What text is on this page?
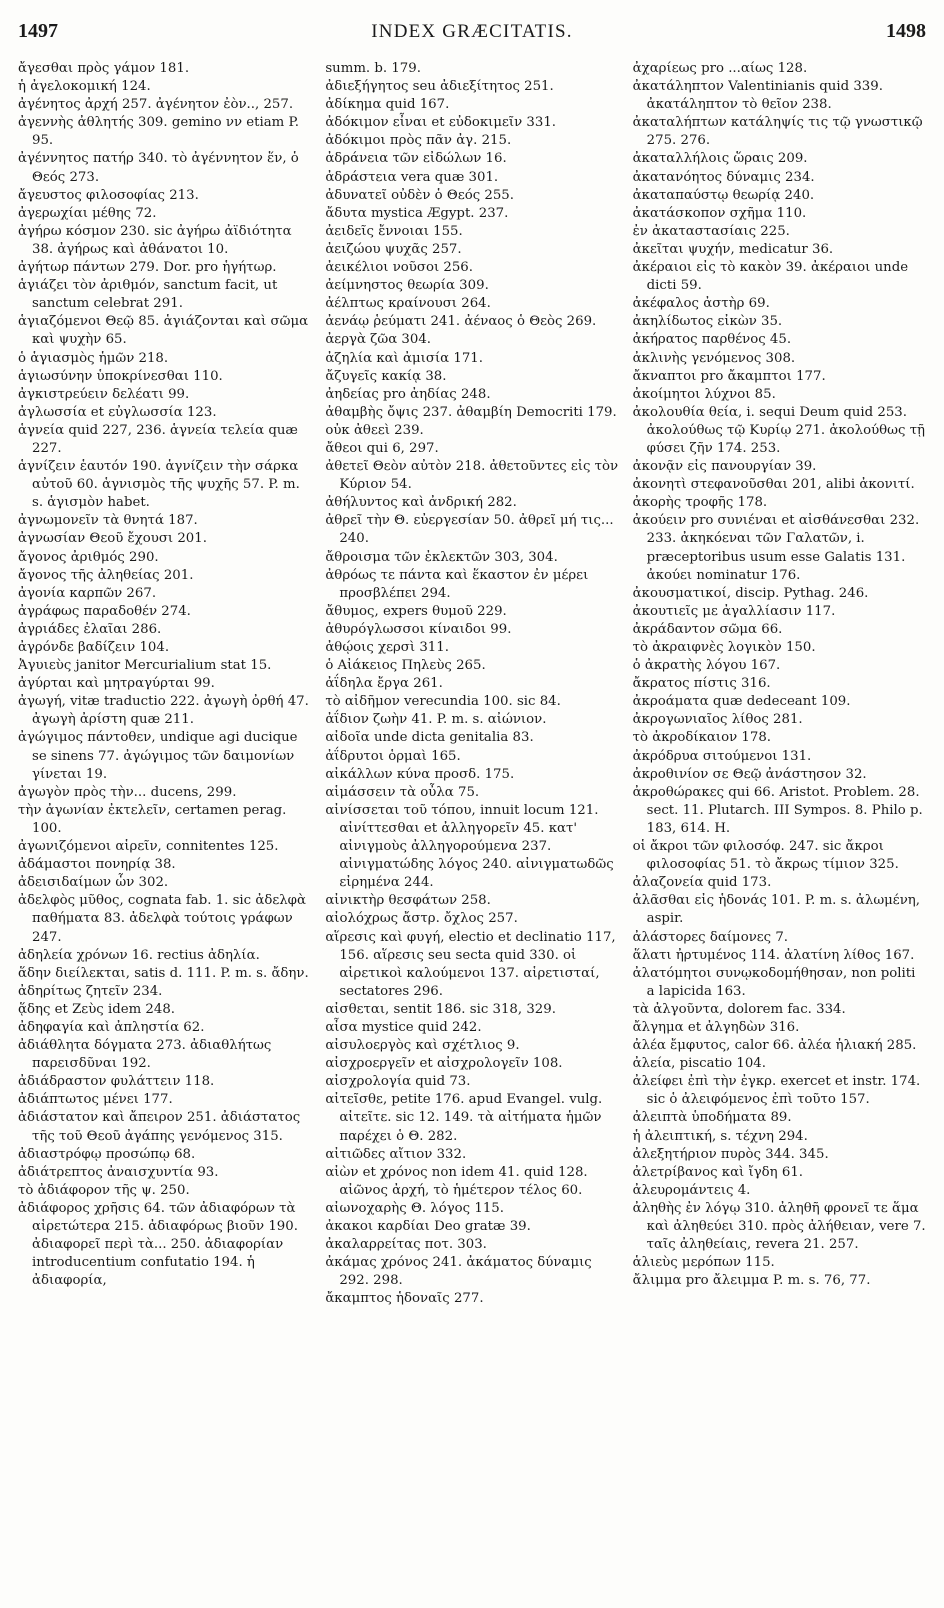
1497	INDEX GRÆCITATIS.	1498
ἄγεσθαι πρὸς γάμον 181.
ἡ ἀγελοκομική 124.
ἀγένητος ἀρχή 257. ἀγένητον ἐὸν.., 257.
ἀγεννὴς ἀθλητής 309. gemino νν etiam P. 95.
ἀγέννητος πατήρ 340. τὸ ἀγέννητον ἕν, ὁ Θεός 273.
ἄγευστος φιλοσοφίας 213.
ἀγερωχίαι μέθης 72.
ἀγήρω κόσμον 230. sic ἀγήρω ἀϊδιότητα 38. ἀγήρως καὶ ἀθάνατοι 10.
ἀγήτωρ πάντων 279. Dor. pro ἡγήτωρ.
ἁγιάζει τὸν ἀριθμόν, sanctum facit, ut sanctum celebrat 291.
ἁγιαζόμενοι Θεῷ 85. ἁγιάζονται καὶ σῶμα καὶ ψυχὴν 65.
ὁ ἁγιασμὸς ἡμῶν 218.
ἁγιωσύνην ὑποκρίνεσθαι 110.
ἀγκιστρεύειν δελέατι 99.
ἀγλωσσία et εὐγλωσσία 123.
ἁγνεία quid 227, 236. ἁγνεία τελεία quæ 227.
ἁγνίζειν ἑαυτόν 190. ἁγνίζειν τὴν σάρκα αὐτοῦ 60. ἁγνισμὸς τῆς ψυχῆς 57. P. m. s. ἁγισμὸν habet.
ἀγνωμονεῖν τὰ θνητά 187.
ἀγνωσίαν Θεοῦ ἔχουσι 201.
ἄγονος ἀριθμός 290.
ἄγονος τῆς ἀληθείας 201.
ἀγονία καρπῶν 267.
ἀγράφως παραδοθέν 274.
ἀγριάδες ἐλαῖαι 286.
ἀγρόνδε βαδίζειν 104.
Ἀγυιεὺς janitor Mercurialium stat 15.
ἀγύρται καὶ μητραγύρται 99.
ἀγωγή, vitæ traductio 222. ἀγωγὴ ὀρθή 47. ἀγωγὴ ἀρίστη quæ 211.
ἀγώγιμος πάντοθεν, undique agi ducique se sinens 77. ἀγώγιμος τῶν δαιμονίων γίνεται 19.
ἀγωγὸν πρὸς τὴν... ducens, 299.
τὴν ἀγωνίαν ἐκτελεῖν, certamen perag. 100.
ἀγωνιζόμενοι αἱρεῖν, connitentes 125.
ἀδάμαστοι πονηρίᾳ 38.
ἀδεισιδαίμων ὧν 302.
ἀδελφὸς μῦθος, cognata fab. 1. sic ἀδελφὰ παθήματα 83. ἀδελφὰ τούτοις γράφων 247.
ἀδηλεία χρόνων 16. rectius ἀδηλία.
ἅδην διείλεκται, satis d. 111. P. m. s. ἄδην.
ἀδηρίτως ζητεῖν 234.
ᾅδης et Ζεὺς idem 248.
ἀδηφαγία καὶ ἀπληστία 62.
ἀδιάθλητα δόγματα 273. ἀδιαθλήτως παρεισδῦναι 192.
ἀδιάδραστον φυλάττειν 118.
ἀδιάπτωτος μένει 177.
ἀδιάστατον καὶ ἄπειρον 251. ἀδιάστατος τῆς τοῦ Θεοῦ ἀγάπης γενόμενος 315.
ἀδιαστρόφῳ προσώπῳ 68.
ἀδιάτρεπτος ἀναισχυντία 93.
τὸ ἀδιάφορον τῆς ψ. 250.
ἀδιάφορος χρῆσις 64. τῶν ἀδιαφόρων τὰ αἱρετώτερα 215. ἀδιαφόρως βιοῦν 190. ἀδιαφορεῖ περὶ τὰ... 250. ἀδιαφορίαν introducentium confutatio 194. ἡ ἀδιαφορία,
summ. b. 179.
ἀδιεξήγητος seu ἀδιεξίτητος 251.
ἀδίκημα quid 167.
ἀδόκιμον εἶναι et εὐδοκιμεῖν 331.
ἀδόκιμοι πρὸς πᾶν ἀγ. 215.
ἀδράνεια τῶν εἰδώλων 16.
ἀδράστεια vera quæ 301.
ἀδυνατεῖ οὐδὲν ὁ Θεός 255.
ἄδυτα mystica Ægypt. 237.
ἀειδεῖς ἔννοιαι 155.
ἀειζώου ψυχᾶς 257.
ἀεικέλιοι νοῦσοι 256.
ἀείμνηστος θεωρία 309.
ἀέλπτως κραίνουσι 264.
ἀενάῳ ῥεύματι 241. ἀέναος ὁ Θεὸς 269.
ἀεργὰ ζῶα 304.
ἀζηλία καὶ ἀμισία 171.
ἄζυγεῖς κακίᾳ 38.
ἀηδείας pro ἀηδίας 248.
ἀθαμβὴς ὄψις 237. ἀθαμβίη Democriti 179.
οὐκ ἀθεεὶ 239.
ἄθεοι qui 6, 297.
ἀθετεῖ Θεὸν αὐτὸν 218. ἀθετοῦντες εἰς τὸν Κύριον 54.
ἀθήλυντος καὶ ἀνδρική 282.
ἀθρεῖ τὴν Θ. εὐεργεσίαν 50. ἀθρεῖ μή τις... 240.
ἄθροισμα τῶν ἐκλεκτῶν 303, 304.
ἀθρόως τε πάντα καὶ ἕκαστον ἐν μέρει προσβλέπει 294.
ἄθυμος, expers θυμοῦ 229.
ἀθυρόγλωσσοι κίναιδοι 99.
ἀθῴοις χερσὶ 311.
ὁ Αἰάκειος Πηλεὺς 265.
ἀΐδηλα ἔργα 261.
τὸ αἰδῆμον verecundia 100. sic 84.
ἀΐδιον ζωὴν 41. P. m. s. αἰώνιον.
αἰδοῖα unde dicta genitalia 83.
ἀΐδρυτοι ὁρμαὶ 165.
αἰκάλλων κύνα προσδ. 175.
αἱμάσσειν τὰ οὖλα 75.
αἰνίσσεται τοῦ τόπου, innuit locum 121. αἰνίττεσθαι et ἀλληγορεῖν 45. κατ' αἰνιγμοὺς ἀλληγορούμενα 237. αἰνιγματώδης λόγος 240. αἰνιγματωδῶς εἰρημένα 244.
αἰνικτὴρ θεσφάτων 258.
αἰολόχρως ἄστρ. ὄχλος 257.
αἵρεσις καὶ φυγή, electio et declinatio 117, 156. αἵρεσις seu secta quid 330. οἱ αἱρετικοὶ καλούμενοι 137. αἱρετισταί, sectatores 296.
αἰσθεται, sentit 186. sic 318, 329.
αἶσα mystice quid 242.
αἰσυλοεργὸς καὶ σχέτλιος 9.
αἰσχροεργεῖν et αἰσχρολογεῖν 108.
αἰσχρολογία quid 73.
αἰτεῖσθε, petite 176. apud Evangel. vulg. αἰτεῖτε. sic 12. 149. τὰ αἰτήματα ἡμῶν παρέχει ὁ Θ. 282.
αἰτιῶδες αἴτιον 332.
αἰὼν et χρόνος non idem 41. quid 128. αἰῶνος ἀρχή, τὸ ἡμέτερον τέλος 60.
αἰωνοχαρὴς Θ. λόγος 115.
ἀκακοι καρδίαι Deo gratæ 39.
ἀκαλαρρείτας ποτ. 303.
ἀκάμας χρόνος 241. ἀκάματος δύναμις 292. 298.
ἄκαμπτος ἡδοναῖς 277.
ἀχαρίεως pro ...αίως 128.
ἀκατάληπτον Valentinianis quid 339. ἀκατάληπτον τὸ θεῖον 238.
ἀκαταλήπτων κατάληψίς τις τῷ γνωστικῷ 275. 276.
ἀκαταλλήλοις ὥραις 209.
ἀκατανόητος δύναμις 234.
ἀκαταπαύστῳ θεωρίᾳ 240.
ἀκατάσκοπον σχῆμα 110.
ἐν ἀκαταστασίαις 225.
ἀκεῖται ψυχήν, medicatur 36.
ἀκέραιοι εἰς τὸ κακὸν 39. ἀκέραιοι unde dicti 59.
ἀκέφαλος ἀστὴρ 69.
ἀκηλίδωτος εἰκὼν 35.
ἀκήρατος παρθένος 45.
ἀκλινὴς γενόμενος 308.
ἄκναπτοι pro ἄκαμπτοι 177.
ἀκοίμητοι λύχνοι 85.
ἀκολουθία θεία, i. sequi Deum quid 253. ἀκολούθως τῷ Κυρίῳ 271. ἀκολούθως τῇ φύσει ζῆν 174. 253.
ἀκονᾷν εἰς πανουργίαν 39.
ἀκονητὶ στεφανοῦσθαι 201, alibi ἀκονιτί.
ἀκορὴς τροφῆς 178.
ἀκούειν pro συνιέναι et αἰσθάνεσθαι 232. 233. ἀκηκόεναι τῶν Γαλατῶν, i. præceptoribus usum esse Galatis 131. ἀκούει nominatur 176.
ἀκουσματικοί, discip. Pythag. 246.
ἀκουτιεῖς με ἀγαλλίασιν 117.
ἀκράδαντον σῶμα 66.
τὸ ἀκραιφνὲς λογικὸν 150.
ὁ ἀκρατὴς λόγου 167.
ἄκρατος πίστις 316.
ἀκροάματα quæ dedeceant 109.
ἀκρογωνιαῖος λίθος 281.
τὸ ἀκροδίκαιον 178.
ἀκρόδρυα σιτούμενοι 131.
ἀκροθινίον σε Θεῷ ἀνάστησον 32.
ἀκροθώρακες qui 66. Aristot. Problem. 28. sect. 11. Plutarch. III Sympos. 8. Philo p. 183, 614. H.
οἱ ἄκροι τῶν φιλοσόφ. 247. sic ἄκροι φιλοσοφίας 51. τὸ ἄκρως τίμιον 325.
ἀλαζονεία quid 173.
ἀλᾶσθαι εἰς ἡδονάς 101. P. m. s. ἀλωμένη, aspir.
ἀλάστορες δαίμονες 7.
ἅλατι ἠρτυμένος 114. ἀλατίνη λίθος 167.
ἀλατόμητοι συνῳκοδομήθησαν, non politi a lapicida 163.
τὰ ἀλγοῦντα, dolorem fac. 334.
ἄλγημα et ἀλγηδὼν 316.
ἀλέα ἔμφυτος, calor 66. ἀλέα ἡλιακή 285.
ἀλεία, piscatio 104.
ἀλείφει ἐπὶ τὴν ἐγκρ. exercet et instr. 174. sic ὁ ἀλειφόμενος ἐπὶ τοῦτο 157.
ἀλειπτὰ ὑποδήματα 89.
ἡ ἀλειπτική, s. τέχνη 294.
ἀλεξητήριον πυρὸς 344. 345.
ἀλετρίβανος καὶ ἴγδη 61.
ἀλευρομάντεις 4.
ἀληθὴς ἐν λόγῳ 310. ἀληθῆ φρονεῖ τε ἅμα καὶ ἀληθεύει 310. πρὸς ἀλήθειαν, vere 7. ταῖς ἀληθείαις, revera 21. 257.
ἁλιεὺς μερόπων 115.
ἄλιμμα pro ἄλειμμα P. m. s. 76, 77.
